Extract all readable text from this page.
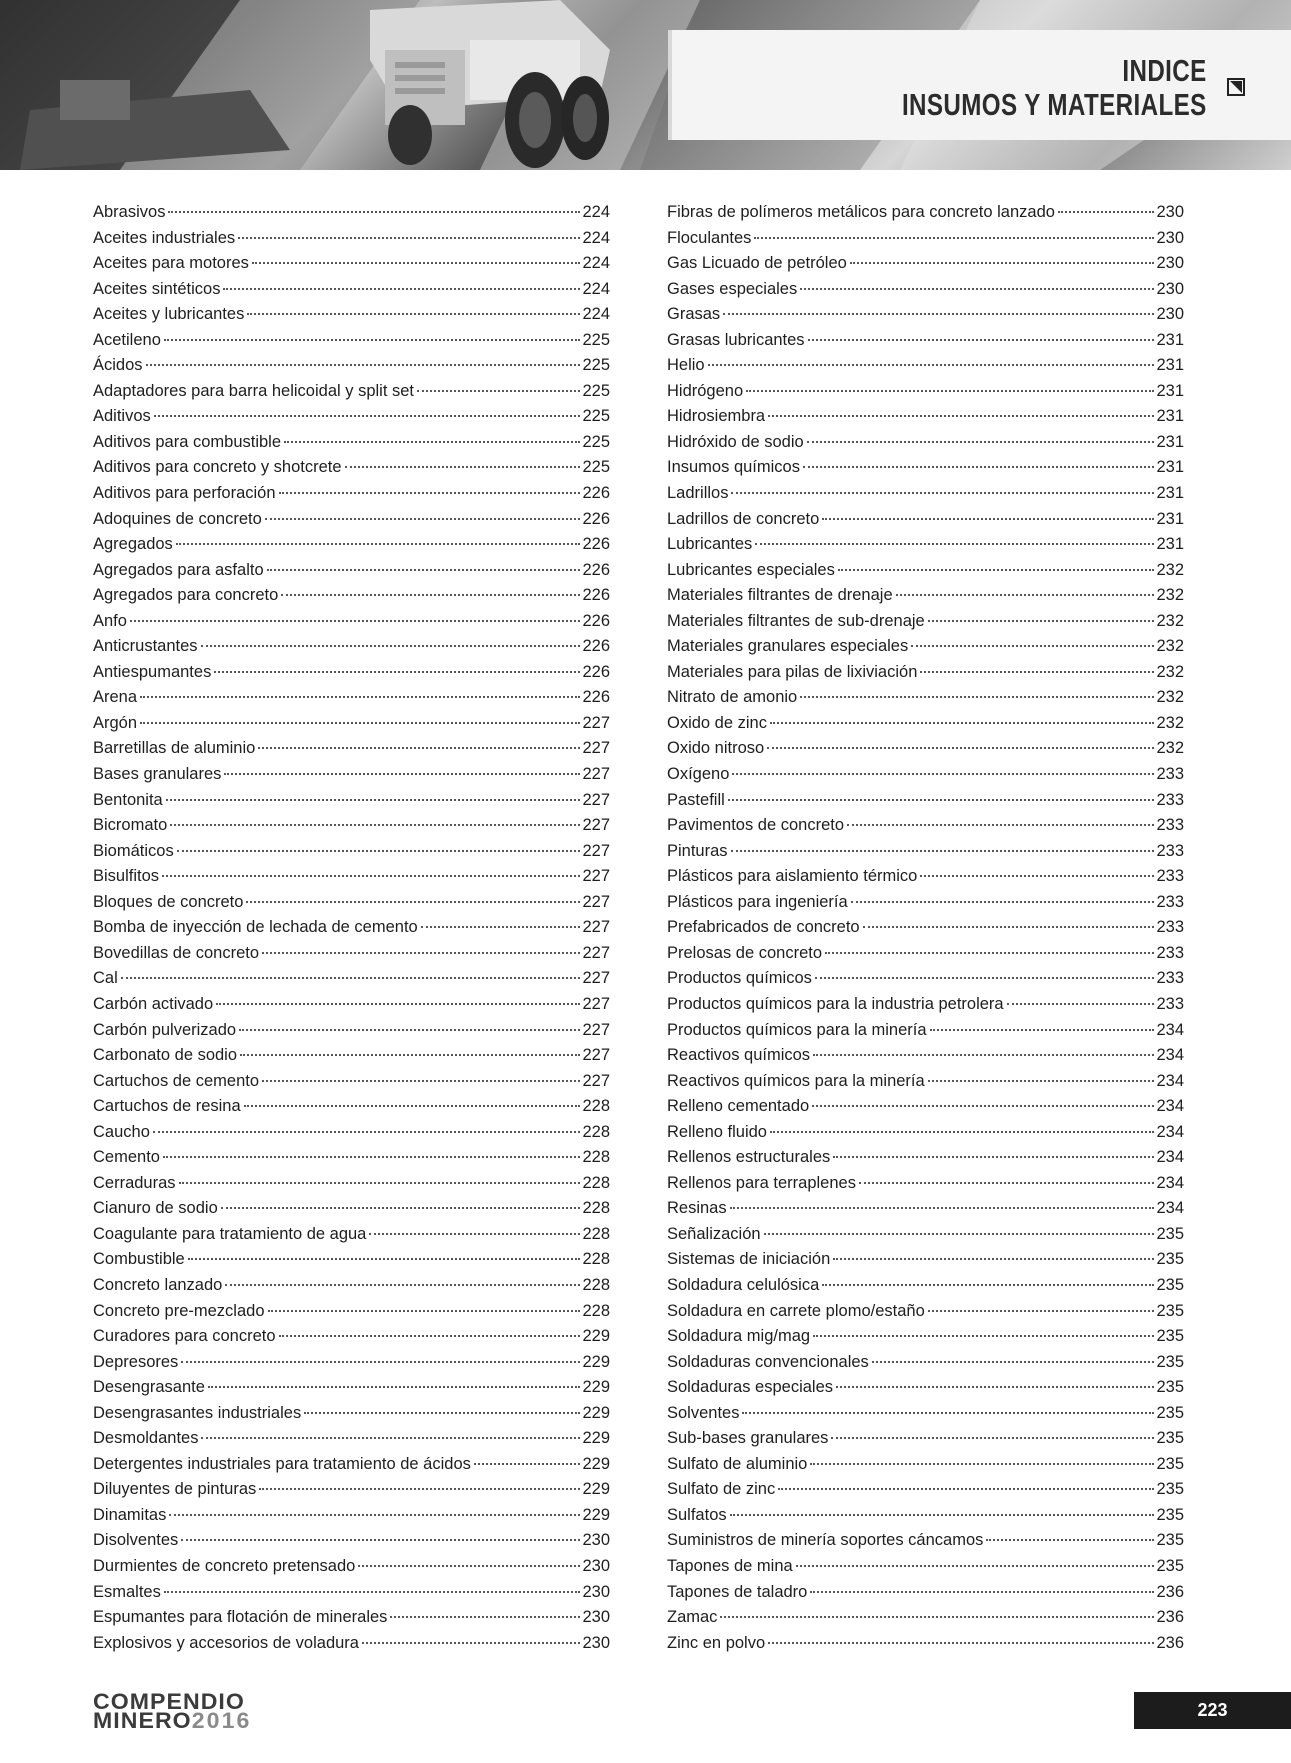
INDICE
INSUMOS Y MATERIALES
Abrasivos	224
Aceites industriales	224
Aceites para motores	224
Aceites sintéticos	224
Aceites y lubricantes	224
Acetileno	225
Ácidos	225
Adaptadores para barra helicoidal y split set	225
Aditivos	225
Aditivos para combustible	225
Aditivos para concreto y shotcrete	225
Aditivos para perforación	226
Adoquines de concreto	226
Agregados	226
Agregados para asfalto	226
Agregados para concreto	226
Anfo	226
Anticrustantes	226
Antiespumantes	226
Arena	226
Argón	227
Barretillas de aluminio	227
Bases granulares	227
Bentonita	227
Bicromato	227
Biomáticos	227
Bisulfitos	227
Bloques de concreto	227
Bomba de inyección de lechada de cemento	227
Bovedillas de concreto	227
Cal	227
Carbón activado	227
Carbón pulverizado	227
Carbonato de sodio	227
Cartuchos de cemento	227
Cartuchos de resina	228
Caucho	228
Cemento	228
Cerraduras	228
Cianuro de sodio	228
Coagulante para tratamiento de agua	228
Combustible	228
Concreto lanzado	228
Concreto pre-mezclado	228
Curadores para concreto	229
Depresores	229
Desengrasante	229
Desengrasantes industriales	229
Desmoldantes	229
Detergentes industriales para tratamiento de ácidos	229
Diluyentes de pinturas	229
Dinamitas	229
Disolventes	230
Durmientes de concreto pretensado	230
Esmaltes	230
Espumantes para flotación de minerales	230
Explosivos y accesorios de voladura	230
Fibras de polímeros metálicos para concreto lanzado	230
Floculantes	230
Gas Licuado de petróleo	230
Gases especiales	230
Grasas	230
Grasas lubricantes	231
Helio	231
Hidrógeno	231
Hidrosiembra	231
Hidróxido de sodio	231
Insumos químicos	231
Ladrillos	231
Ladrillos de concreto	231
Lubricantes	231
Lubricantes especiales	232
Materiales filtrantes de drenaje	232
Materiales filtrantes de sub-drenaje	232
Materiales granulares especiales	232
Materiales para pilas de lixiviación	232
Nitrato de amonio	232
Oxido de zinc	232
Oxido nitroso	232
Oxígeno	233
Pastefill	233
Pavimentos de concreto	233
Pinturas	233
Plásticos para aislamiento térmico	233
Plásticos para ingeniería	233
Prefabricados de concreto	233
Prelosas de concreto	233
Productos químicos	233
Productos químicos para la industria petrolera	233
Productos químicos para la minería	234
Reactivos químicos	234
Reactivos químicos para la minería	234
Relleno cementado	234
Relleno fluido	234
Rellenos estructurales	234
Rellenos para terraplenes	234
Resinas	234
Señalización	235
Sistemas de iniciación	235
Soldadura celulósica	235
Soldadura en carrete plomo/estaño	235
Soldadura mig/mag	235
Soldaduras convencionales	235
Soldaduras especiales	235
Solventes	235
Sub-bases granulares	235
Sulfato de aluminio	235
Sulfato de zinc	235
Sulfatos	235
Suministros de minería soportes cáncamos	235
Tapones de mina	235
Tapones de taladro	236
Zamac	236
Zinc en polvo	236
COMPENDIO
MINERO2016	223
